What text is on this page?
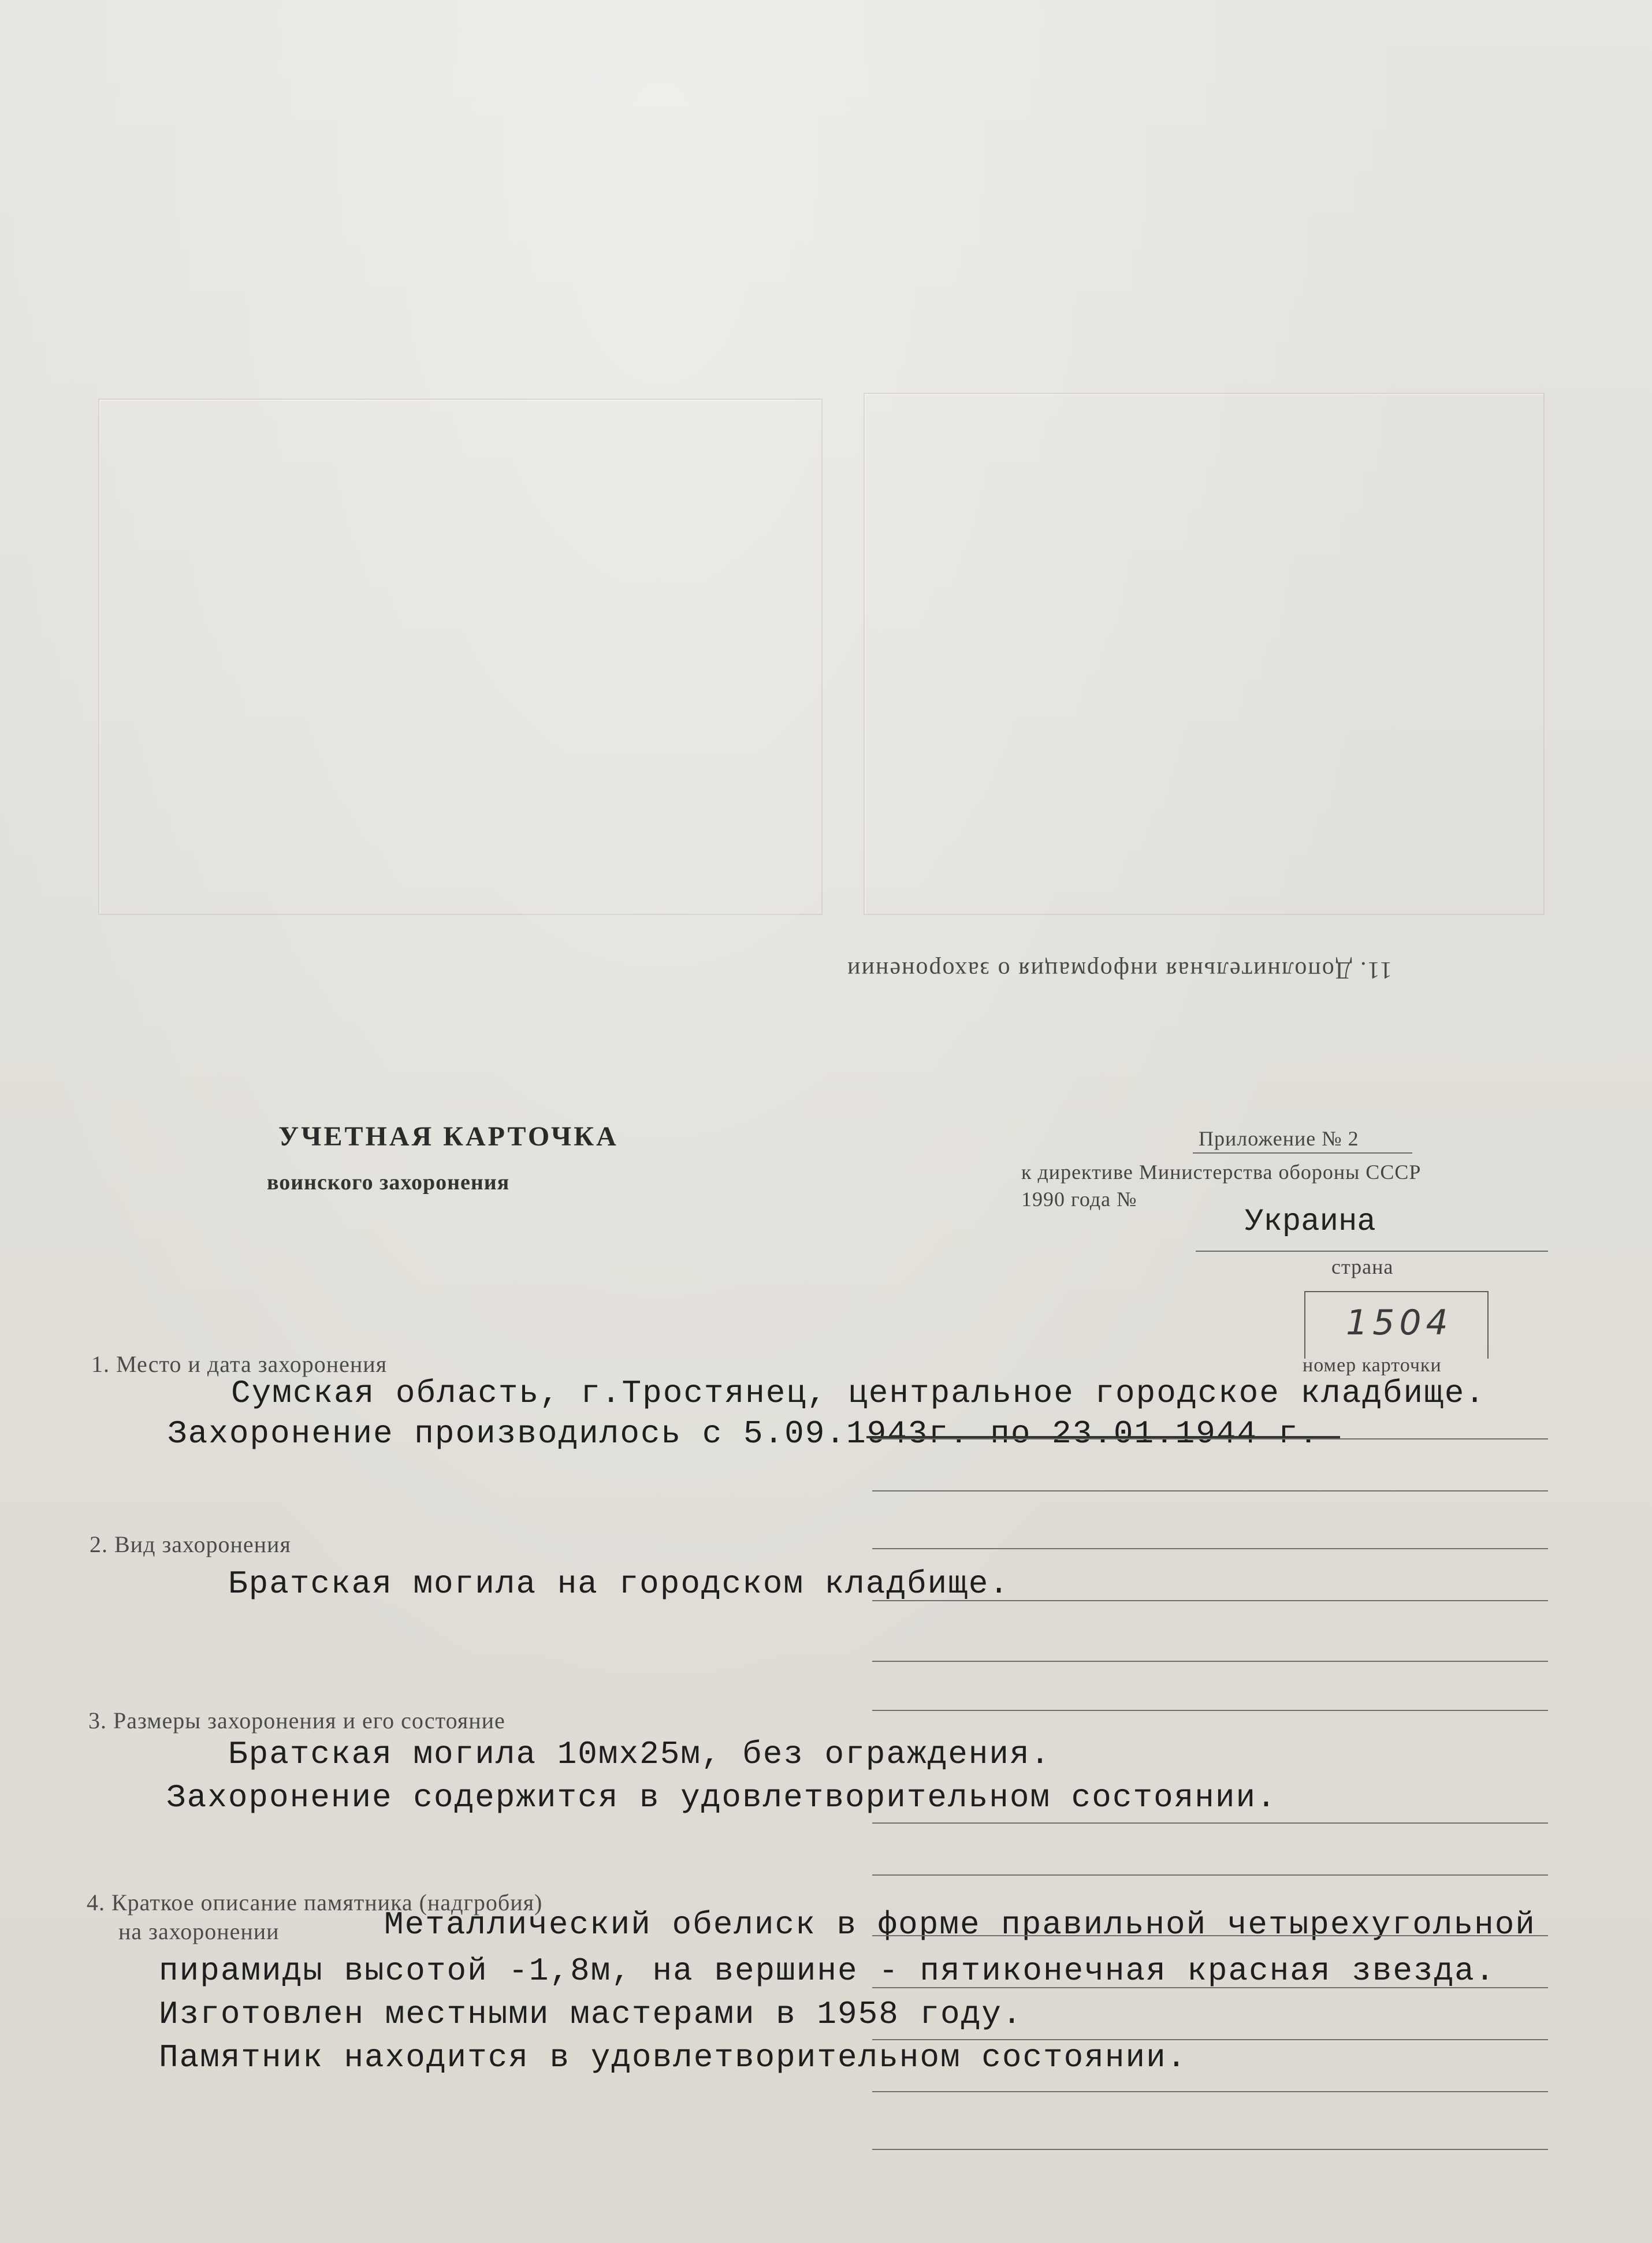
11. Дополнительная информация о захоронении
УЧЕТНАЯ КАРТОЧКА
воинского захоронения
Приложение № 2
к директиве Министерства обороны СССР
1990 года №
Украина
страна
1504
номер карточки
1. Место и дата захоронения
Сумская область, г.Тростянец, центральное городское кладбище.
Захоронение производилось с 5.09.1943г. по 23.01.1944 г.
2. Вид захоронения
Братская могила на городском кладбище.
3. Размеры захоронения и его состояние
Братская могила 10мх25м, без ограждения.
Захоронение содержится в удовлетворительном состоянии.
4. Краткое описание памятника (надгробия)
на захоронении	Металлический обелиск в форме правильной четырехугольной
пирамиды высотой -1,8м, на вершине - пятиконечная красная звезда.
Изготовлен местными мастерами в 1958 году.
Памятник находится в удовлетворительном состоянии.
